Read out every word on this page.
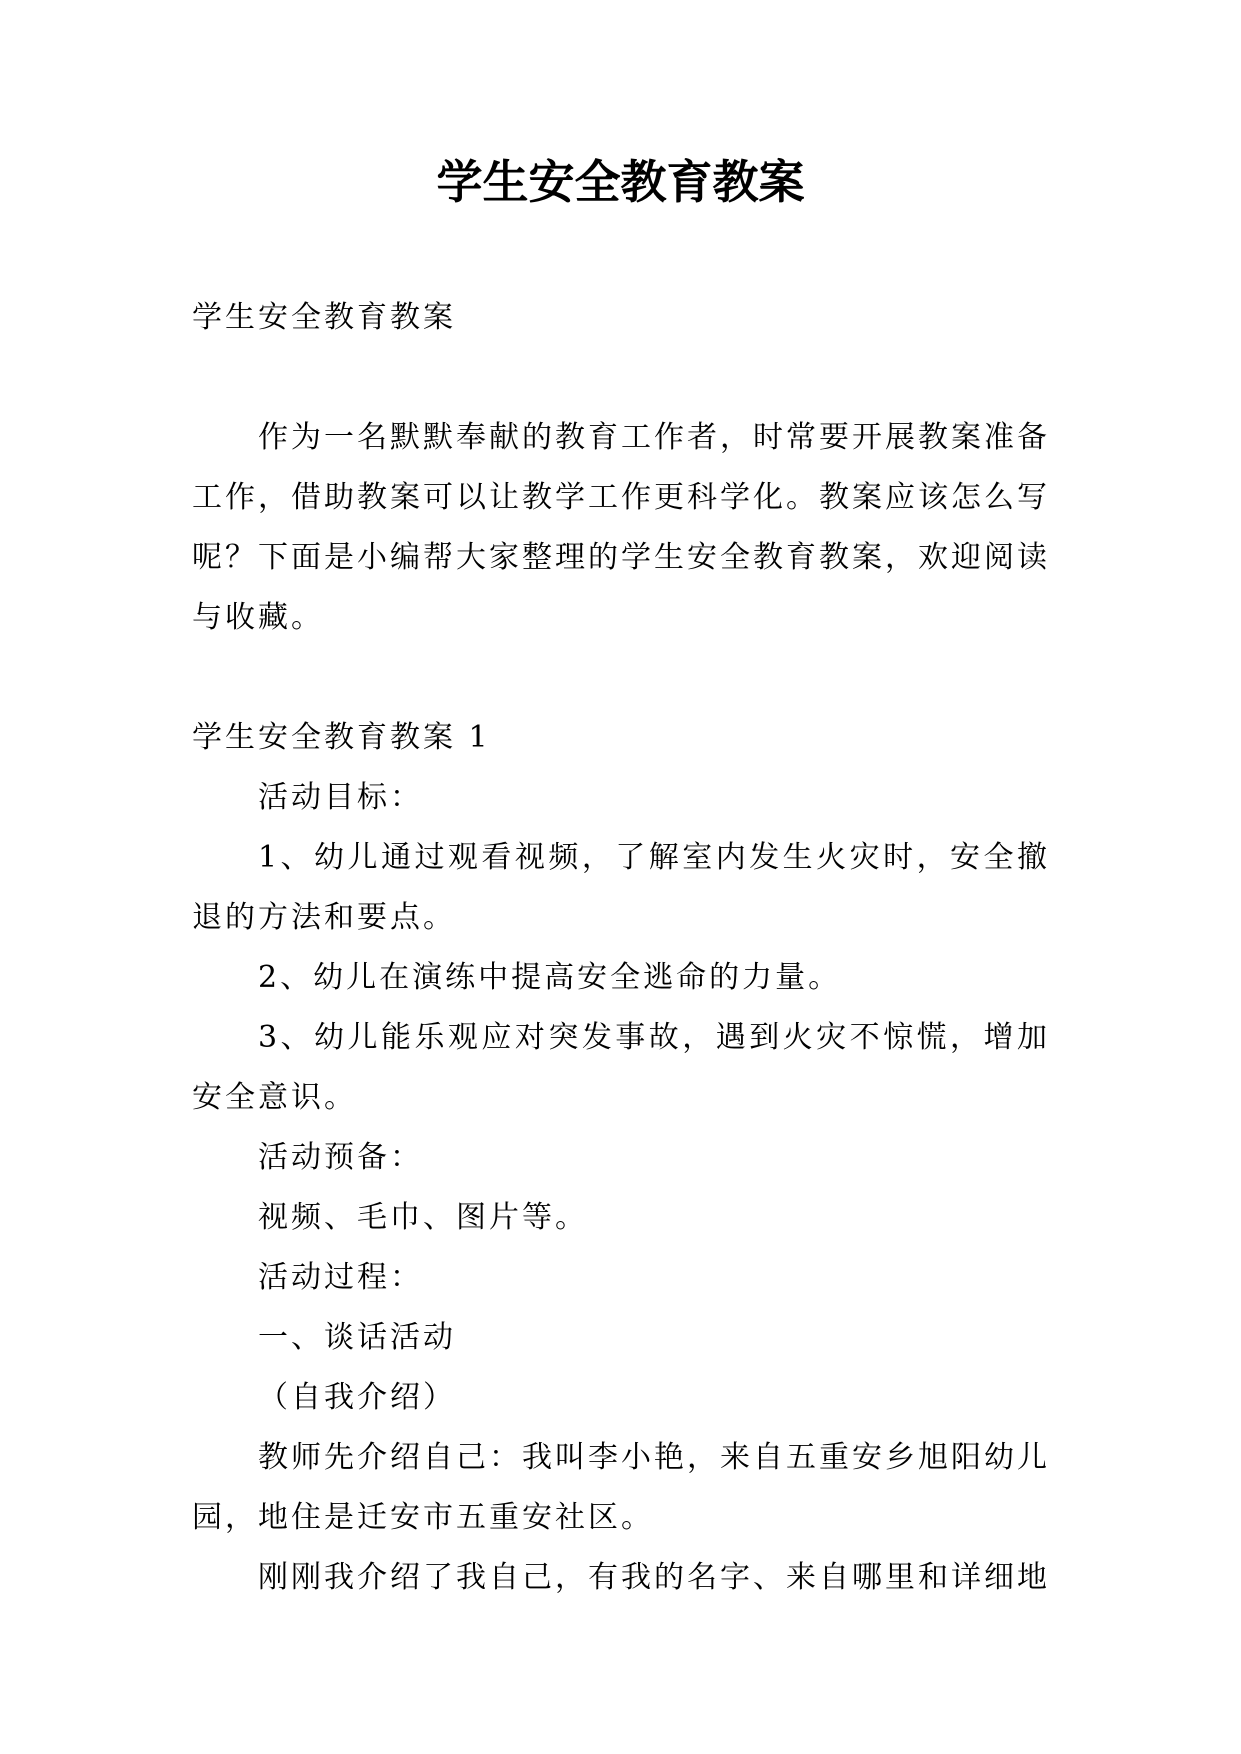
学生安全教育教案

学生安全教育教案

作为一名默默奉献的教育工作者，时常要开展教案准备工作，借助教案可以让教学工作更科学化。教案应该怎么写呢？下面是小编帮大家整理的学生安全教育教案，欢迎阅读与收藏。

学生安全教育教案 1

活动目标：

1、幼儿通过观看视频，了解室内发生火灾时，安全撤退的方法和要点。

2、幼儿在演练中提高安全逃命的力量。

3、幼儿能乐观应对突发事故，遇到火灾不惊慌，增加安全意识。

活动预备：

视频、毛巾、图片等。

活动过程：

一、谈话活动

（自我介绍）

教师先介绍自己：我叫李小艳，来自五重安乡旭阳幼儿园，地住是迁安市五重安社区。

刚刚我介绍了我自己，有我的名字、来自哪里和详细地
